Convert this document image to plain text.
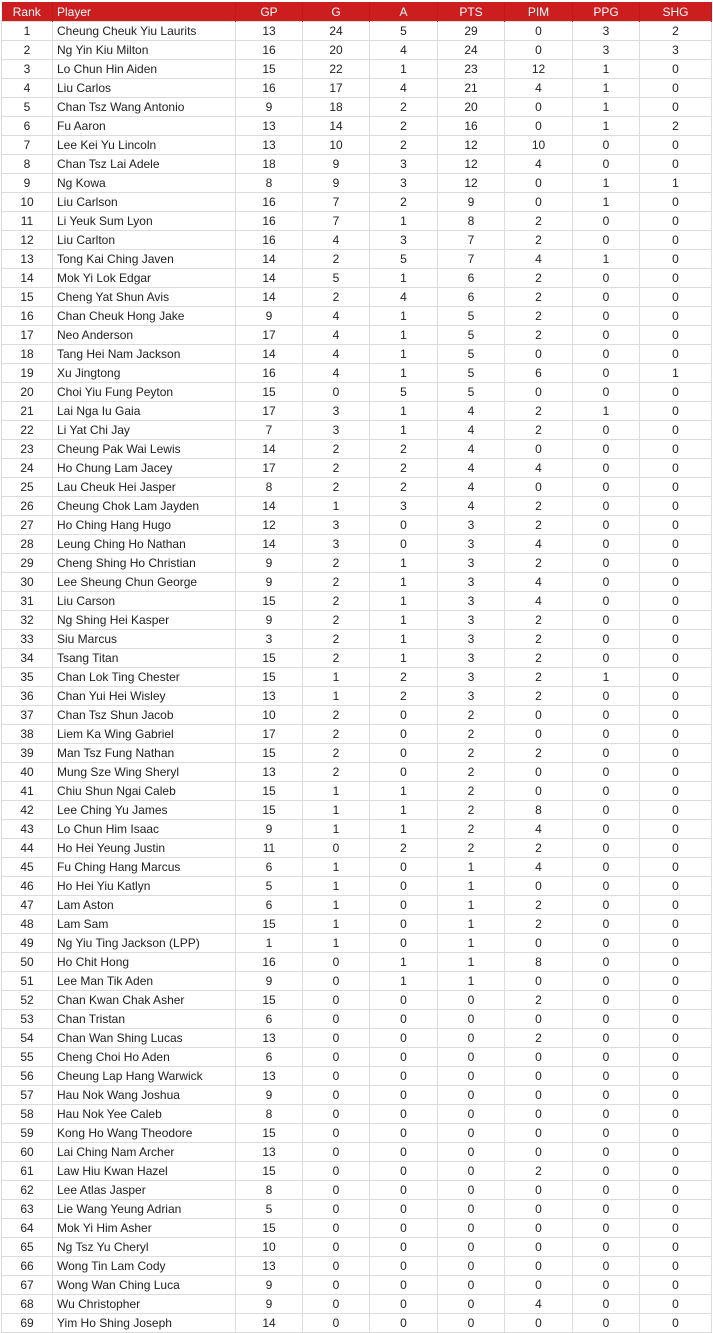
Rank	Player	GP	G	A	PTS	PIM	PPG	SHG
1	Cheung Cheuk Yiu Laurits	13	24	5	29	0	3	2
2	Ng Yin Kiu Milton	16	20	4	24	0	3	3
3	Lo Chun Hin Aiden	15	22	1	23	12	1	0
4	Liu Carlos	16	17	4	21	4	1	0
5	Chan Tsz Wang Antonio	9	18	2	20	0	1	0
6	Fu Aaron	13	14	2	16	0	1	2
7	Lee Kei Yu Lincoln	13	10	2	12	10	0	0
8	Chan Tsz Lai Adele	18	9	3	12	4	0	0
9	Ng Kowa	8	9	3	12	0	1	1
10	Liu Carlson	16	7	2	9	0	1	0
11	Li Yeuk Sum Lyon	16	7	1	8	2	0	0
12	Liu Carlton	16	4	3	7	2	0	0
13	Tong Kai Ching Javen	14	2	5	7	4	1	0
14	Mok Yi Lok Edgar	14	5	1	6	2	0	0
15	Cheng Yat Shun Avis	14	2	4	6	2	0	0
16	Chan Cheuk Hong Jake	9	4	1	5	2	0	0
17	Neo Anderson	17	4	1	5	2	0	0
18	Tang Hei Nam Jackson	14	4	1	5	0	0	0
19	Xu Jingtong	16	4	1	5	6	0	1
20	Choi Yiu Fung Peyton	15	0	5	5	0	0	0
21	Lai Nga Iu Gaia	17	3	1	4	2	1	0
22	Li Yat Chi Jay	7	3	1	4	2	0	0
23	Cheung Pak Wai Lewis	14	2	2	4	0	0	0
24	Ho Chung Lam Jacey	17	2	2	4	4	0	0
25	Lau Cheuk Hei Jasper	8	2	2	4	0	0	0
26	Cheung Chok Lam Jayden	14	1	3	4	2	0	0
27	Ho Ching Hang Hugo	12	3	0	3	2	0	0
28	Leung Ching Ho Nathan	14	3	0	3	4	0	0
29	Cheng Shing Ho Christian	9	2	1	3	2	0	0
30	Lee Sheung Chun George	9	2	1	3	4	0	0
31	Liu Carson	15	2	1	3	4	0	0
32	Ng Shing Hei Kasper	9	2	1	3	2	0	0
33	Siu Marcus	3	2	1	3	2	0	0
34	Tsang Titan	15	2	1	3	2	0	0
35	Chan Lok Ting Chester	15	1	2	3	2	1	0
36	Chan Yui Hei Wisley	13	1	2	3	2	0	0
37	Chan Tsz Shun Jacob	10	2	0	2	0	0	0
38	Liem Ka Wing Gabriel	17	2	0	2	0	0	0
39	Man Tsz Fung Nathan	15	2	0	2	2	0	0
40	Mung Sze Wing Sheryl	13	2	0	2	0	0	0
41	Chiu Shun Ngai Caleb	15	1	1	2	0	0	0
42	Lee Ching Yu James	15	1	1	2	8	0	0
43	Lo Chun Him Isaac	9	1	1	2	4	0	0
44	Ho Hei Yeung Justin	11	0	2	2	2	0	0
45	Fu Ching Hang Marcus	6	1	0	1	4	0	0
46	Ho Hei Yiu Katlyn	5	1	0	1	0	0	0
47	Lam Aston	6	1	0	1	2	0	0
48	Lam Sam	15	1	0	1	2	0	0
49	Ng Yiu Ting Jackson (LPP)	1	1	0	1	0	0	0
50	Ho Chit Hong	16	0	1	1	8	0	0
51	Lee Man Tik Aden	9	0	1	1	0	0	0
52	Chan Kwan Chak Asher	15	0	0	0	2	0	0
53	Chan Tristan	6	0	0	0	0	0	0
54	Chan Wan Shing Lucas	13	0	0	0	2	0	0
55	Cheng Choi Ho Aden	6	0	0	0	0	0	0
56	Cheung Lap Hang Warwick	13	0	0	0	0	0	0
57	Hau Nok Wang Joshua	9	0	0	0	0	0	0
58	Hau Nok Yee Caleb	8	0	0	0	0	0	0
59	Kong Ho Wang Theodore	15	0	0	0	0	0	0
60	Lai Ching Nam Archer	13	0	0	0	0	0	0
61	Law Hiu Kwan Hazel	15	0	0	0	2	0	0
62	Lee Atlas Jasper	8	0	0	0	0	0	0
63	Lie Wang Yeung Adrian	5	0	0	0	0	0	0
64	Mok Yi Him Asher	15	0	0	0	0	0	0
65	Ng Tsz Yu Cheryl	10	0	0	0	0	0	0
66	Wong Tin Lam Cody	13	0	0	0	0	0	0
67	Wong Wan Ching Luca	9	0	0	0	0	0	0
68	Wu Christopher	9	0	0	0	4	0	0
69	Yim Ho Shing Joseph	14	0	0	0	0	0	0
